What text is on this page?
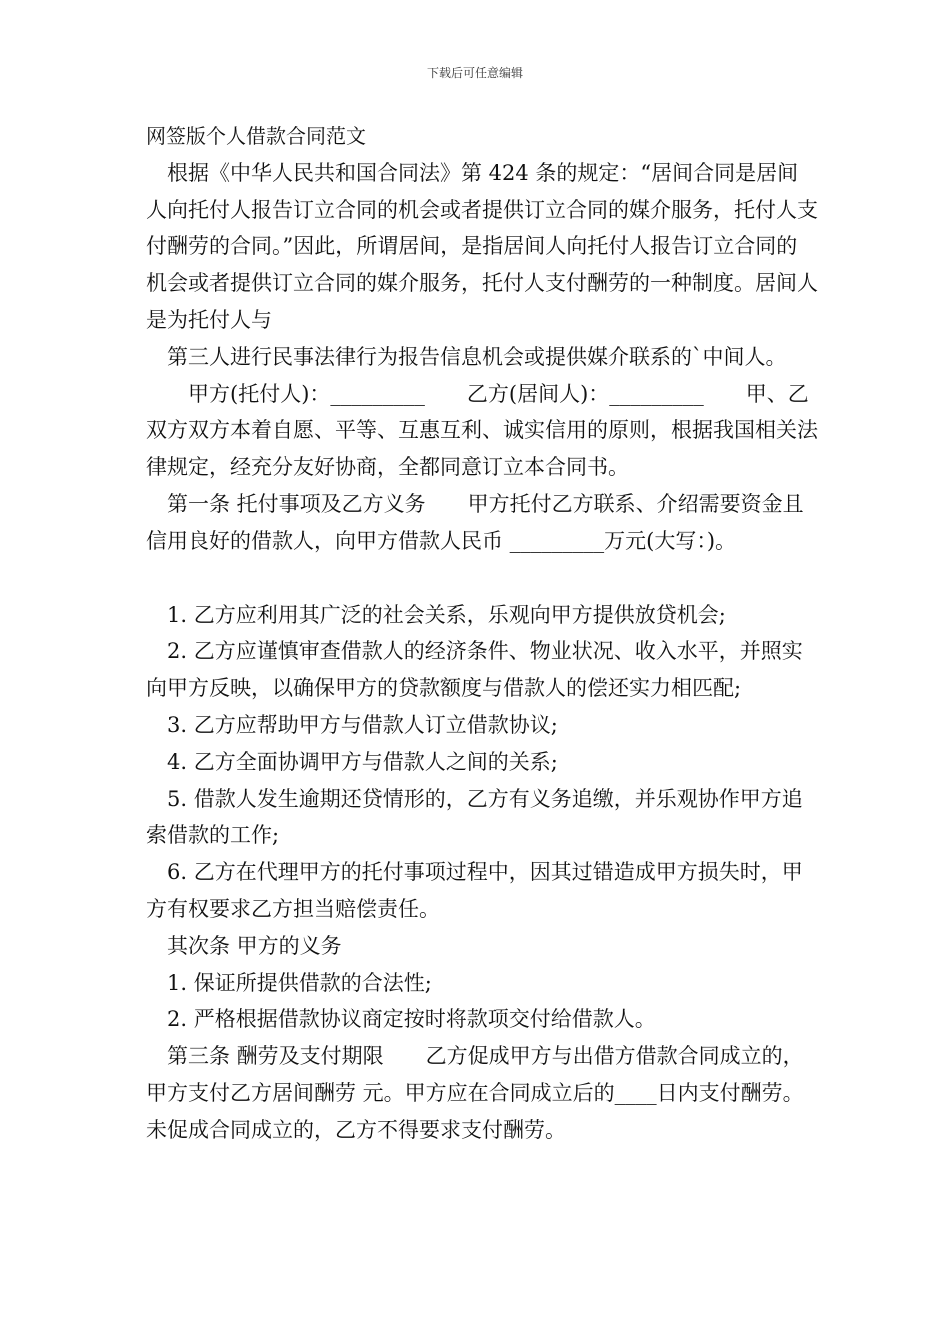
下载后可任意编辑

网签版个人借款合同范文

根据《中华人民共和国合同法》第 424 条的规定：“居间合同是居间人向托付人报告订立合同的机会或者提供订立合同的媒介服务，托付人支付酬劳的合同。”因此，所谓居间，是指居间人向托付人报告订立合同的机会或者提供订立合同的媒介服务，托付人支付酬劳的一种制度。居间人是为托付人与

第三人进行民事法律行为报告信息机会或提供媒介联系的`中间人。

甲方(托付人)：_________　　乙方(居间人)：_________　　甲、乙双方双方本着自愿、平等、互惠互利、诚实信用的原则，根据我国相关法律规定，经充分友好协商，全都同意订立本合同书。

第一条 托付事项及乙方义务　　甲方托付乙方联系、介绍需要资金且信用良好的借款人，向甲方借款人民币 _________万元(大写：)。

1. 乙方应利用其广泛的社会关系，乐观向甲方提供放贷机会;

2. 乙方应谨慎审查借款人的经济条件、物业状况、收入水平，并照实向甲方反映，以确保甲方的贷款额度与借款人的偿还实力相匹配;

3. 乙方应帮助甲方与借款人订立借款协议;

4. 乙方全面协调甲方与借款人之间的关系;

5. 借款人发生逾期还贷情形的，乙方有义务追缴，并乐观协作甲方追索借款的工作;

6. 乙方在代理甲方的托付事项过程中，因其过错造成甲方损失时，甲方有权要求乙方担当赔偿责任。

其次条 甲方的义务

1. 保证所提供借款的合法性;

2. 严格根据借款协议商定按时将款项交付给借款人。

第三条 酬劳及支付期限　　乙方促成甲方与出借方借款合同成立的，甲方支付乙方居间酬劳 元。甲方应在合同成立后的____日内支付酬劳。未促成合同成立的，乙方不得要求支付酬劳。
